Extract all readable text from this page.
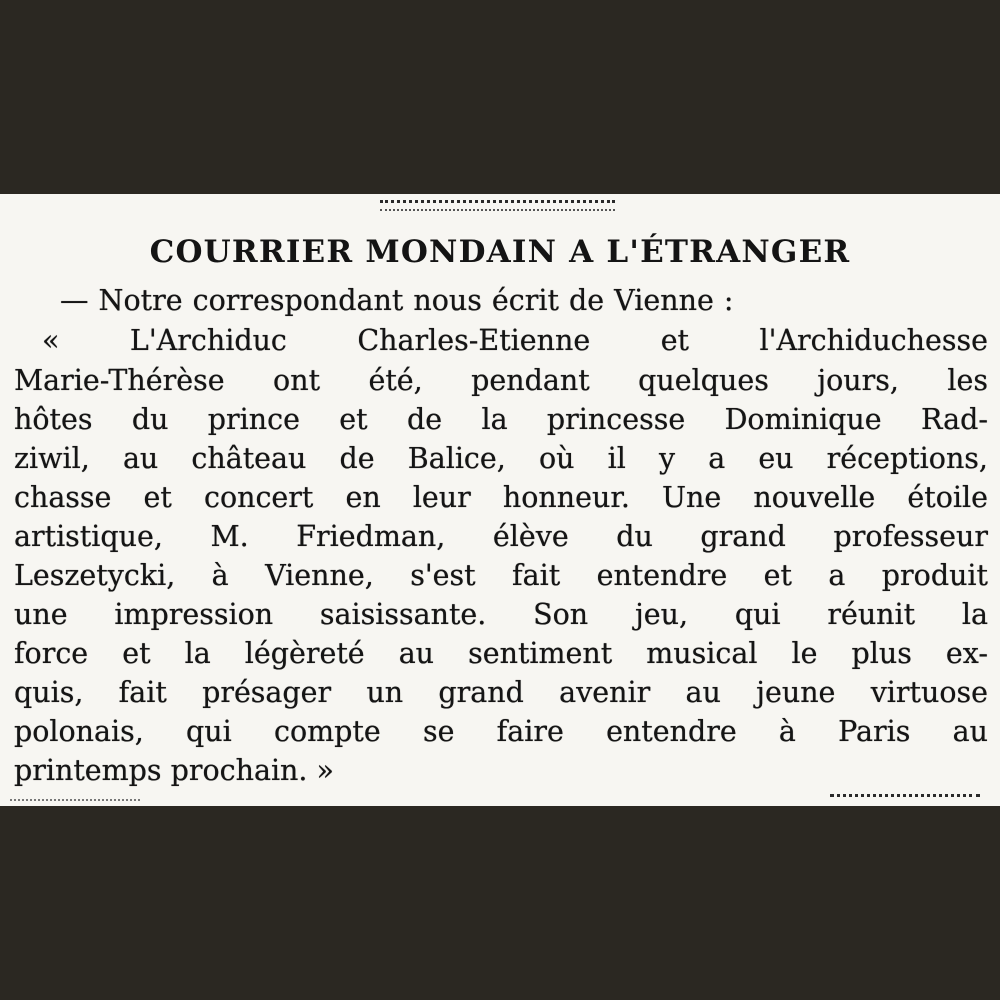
COURRIER MONDAIN A L'ÉTRANGER
— Notre correspondant nous écrit de Vienne :
« L'Archiduc Charles-Etienne et l'Archiduchesse
Marie-Thérèse ont été, pendant quelques jours, les
hôtes du prince et de la princesse Dominique Rad-
ziwil, au château de Balice, où il y a eu réceptions,
chasse et concert en leur honneur. Une nouvelle étoile
artistique, M. Friedman, élève du grand professeur
Leszetycki, à Vienne, s'est fait entendre et a produit
une impression saisissante. Son jeu, qui réunit la
force et la légèreté au sentiment musical le plus ex-
quis, fait présager un grand avenir au jeune virtuose
polonais, qui compte se faire entendre à Paris au
printemps prochain. »
